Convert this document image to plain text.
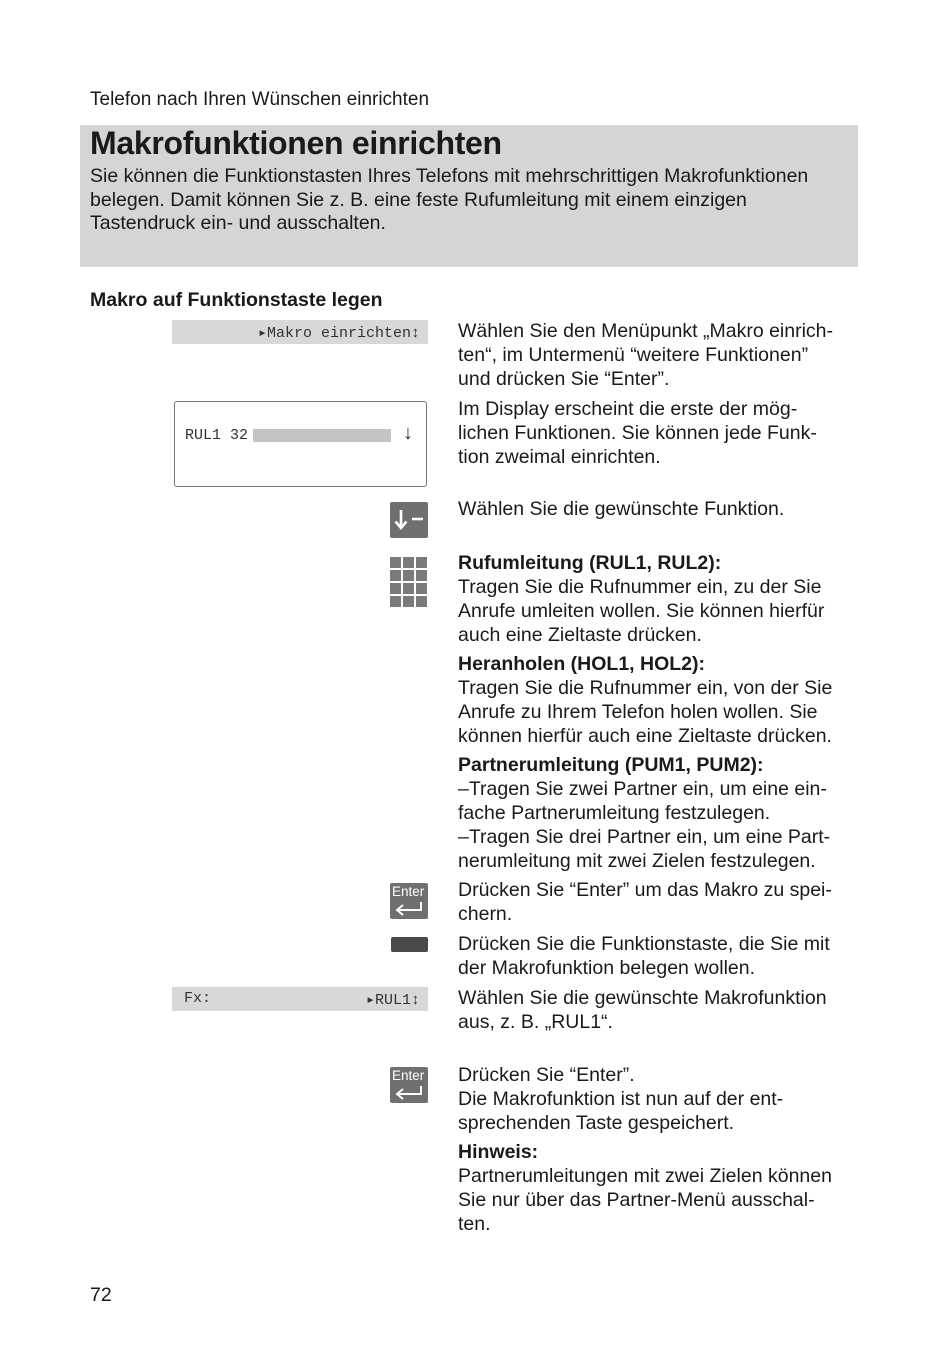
Telefon nach Ihren Wünschen einrichten
Makrofunktionen einrichten
Sie können die Funktionstasten Ihres Telefons mit mehrschrittigen Makrofunktionen
belegen. Damit können Sie z. B. eine feste Rufumleitung mit einem einzigen
Tastendruck ein- und ausschalten.
Makro auf Funktionstaste legen
▸Makro einrichten↕ Wählen Sie den Menüpunkt „Makro einrich-
ten“, im Untermenü “weitere Funktionen”
und drücken Sie “Enter”.
RUL1 32	↓
Im Display erscheint die erste der mög-
lichen Funktionen. Sie können jede Funk-
tion zweimal einrichten.
Wählen Sie die gewünschte Funktion.
Rufumleitung (RUL1, RUL2):
Tragen Sie die Rufnummer ein, zu der Sie
Anrufe umleiten wollen. Sie können hierfür
auch eine Zieltaste drücken.
Heranholen (HOL1, HOL2):
Tragen Sie die Rufnummer ein, von der Sie
Anrufe zu Ihrem Telefon holen wollen. Sie
können hierfür auch eine Zieltaste drücken.
Partnerumleitung (PUM1, PUM2):
–Tragen Sie zwei Partner ein, um eine ein-
fache Partnerumleitung festzulegen.
–Tragen Sie drei Partner ein, um eine Part-
nerumleitung mit zwei Zielen festzulegen.
Enter Drücken Sie “Enter” um das Makro zu spei-
chern.
Drücken Sie die Funktionstaste, die Sie mit
der Makrofunktion belegen wollen.
Fx:	▸RUL1↕ Wählen Sie die gewünschte Makrofunktion
aus, z. B. „RUL1“.
Enter Drücken Sie “Enter”.
Die Makrofunktion ist nun auf der ent-
sprechenden Taste gespeichert.
Hinweis:
Partnerumleitungen mit zwei Zielen können
Sie nur über das Partner-Menü ausschal-
ten.
72
